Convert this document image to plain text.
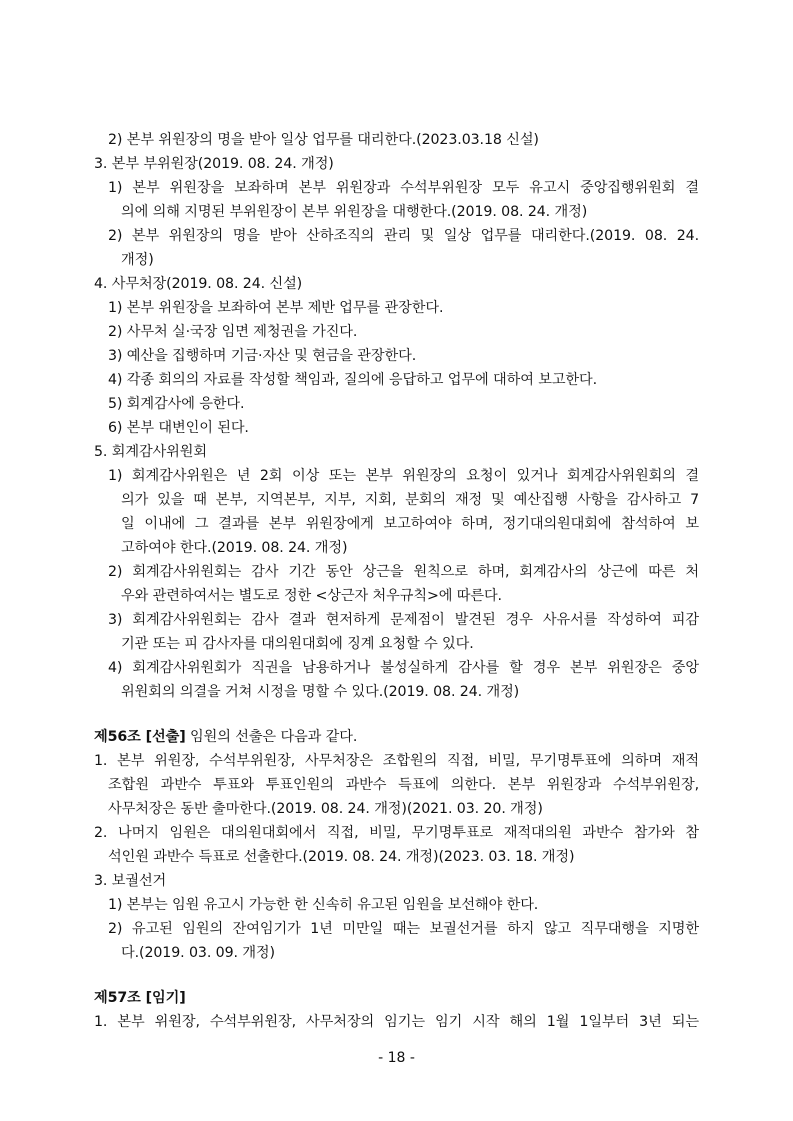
2) 본부 위원장의 명을 받아 일상 업무를 대리한다.(2023.03.18 신설)
3. 본부 부위원장(2019. 08. 24. 개정)
1) 본부 위원장을 보좌하며 본부 위원장과 수석부위원장 모두 유고시 중앙집행위원회 결
의에 의해 지명된 부위원장이 본부 위원장을 대행한다.(2019. 08. 24. 개정)
2) 본부 위원장의 명을 받아 산하조직의 관리 및 일상 업무를 대리한다.(2019. 08. 24.
개정)
4. 사무처장(2019. 08. 24. 신설)
1) 본부 위원장을 보좌하여 본부 제반 업무를 관장한다.
2) 사무처 실·국장 임면 제청권을 가진다.
3) 예산을 집행하며 기금·자산 및 현금을 관장한다.
4) 각종 회의의 자료를 작성할 책임과, 질의에 응답하고 업무에 대하여 보고한다.
5) 회계감사에 응한다.
6) 본부 대변인이 된다.
5. 회계감사위원회
1) 회계감사위원은 년 2회 이상 또는 본부 위원장의 요청이 있거나 회계감사위원회의 결
의가 있을 때 본부, 지역본부, 지부, 지회, 분회의 재정 및 예산집행 사항을 감사하고 7
일 이내에 그 결과를 본부 위원장에게 보고하여야 하며, 정기대의원대회에 참석하여 보
고하여야 한다.(2019. 08. 24. 개정)
2) 회계감사위원회는 감사 기간 동안 상근을 원칙으로 하며, 회계감사의 상근에 따른 처
우와 관련하여서는 별도로 정한 <상근자 처우규칙>에 따른다.
3) 회계감사위원회는 감사 결과 현저하게 문제점이 발견된 경우 사유서를 작성하여 피감
기관 또는 피 감사자를 대의원대회에 징계 요청할 수 있다.
4) 회계감사위원회가 직권을 남용하거나 불성실하게 감사를 할 경우 본부 위원장은 중앙
위원회의 의결을 거쳐 시정을 명할 수 있다.(2019. 08. 24. 개정)
제56조 [선출] 임원의 선출은 다음과 같다.
1. 본부 위원장, 수석부위원장, 사무처장은 조합원의 직접, 비밀, 무기명투표에 의하며 재적
조합원 과반수 투표와 투표인원의 과반수 득표에 의한다. 본부 위원장과 수석부위원장,
사무처장은 동반 출마한다.(2019. 08. 24. 개정)(2021. 03. 20. 개정)
2. 나머지 임원은 대의원대회에서 직접, 비밀, 무기명투표로 재적대의원 과반수 참가와 참
석인원 과반수 득표로 선출한다.(2019. 08. 24. 개정)(2023. 03. 18. 개정)
3. 보궐선거
1) 본부는 임원 유고시 가능한 한 신속히 유고된 임원을 보선해야 한다.
2) 유고된 임원의 잔여임기가 1년 미만일 때는 보궐선거를 하지 않고 직무대행을 지명한
다.(2019. 03. 09. 개정)
제57조 [임기]
1. 본부 위원장, 수석부위원장, 사무처장의 임기는 임기 시작 해의 1월 1일부터 3년 되는
- 18 -
